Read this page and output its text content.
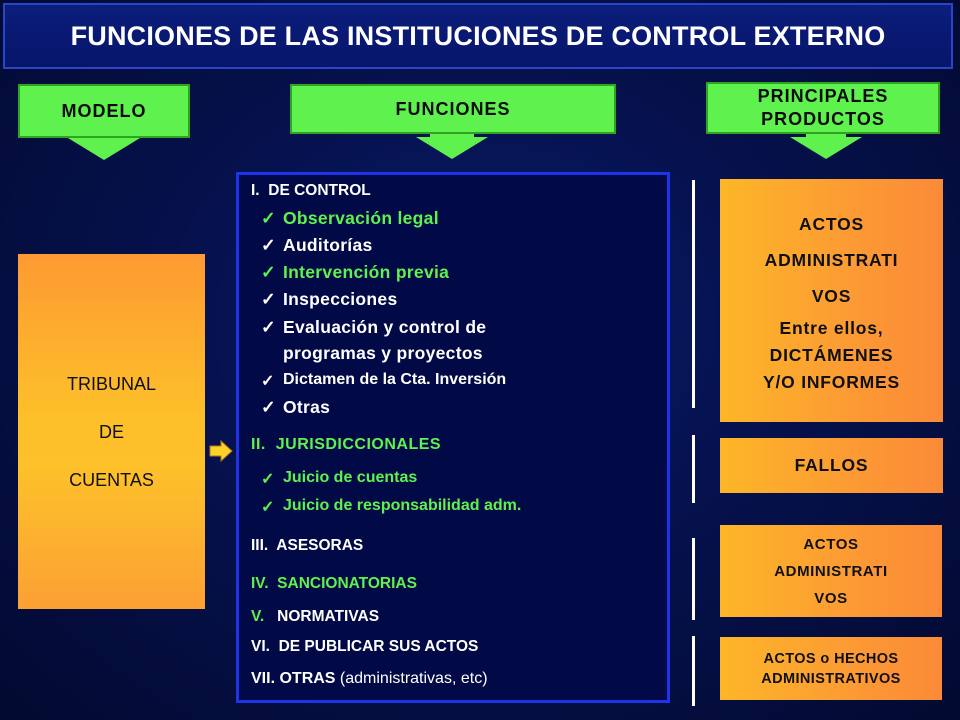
FUNCIONES DE LAS INSTITUCIONES DE CONTROL EXTERNO
MODELO	FUNCIONES
PRINCIPALES
PRODUCTOS
TRIBUNAL
DE
CUENTAS
I. DE CONTROL
✓ Observación legal
✓ Auditorías
✓ Intervención previa
✓ Inspecciones
✓ Evaluación y control de
programas y proyectos
✓ Dictamen de la Cta. Inversión
✓ Otras
II. JURISDICCIONALES
✓ Juicio de cuentas
✓ Juicio de responsabilidad adm.
III. ASESORAS
IV. SANCIONATORIAS
V. NORMATIVAS
VI. DE PUBLICAR SUS ACTOS
VII. OTRAS (administrativas, etc)
ACTOS
ADMINISTRATI
VOS
Entre ellos,
DICTÁMENES
Y/O INFORMES
FALLOS
ACTOS
ADMINISTRATI
VOS
ACTOS o HECHOS
ADMINISTRATIVOS
